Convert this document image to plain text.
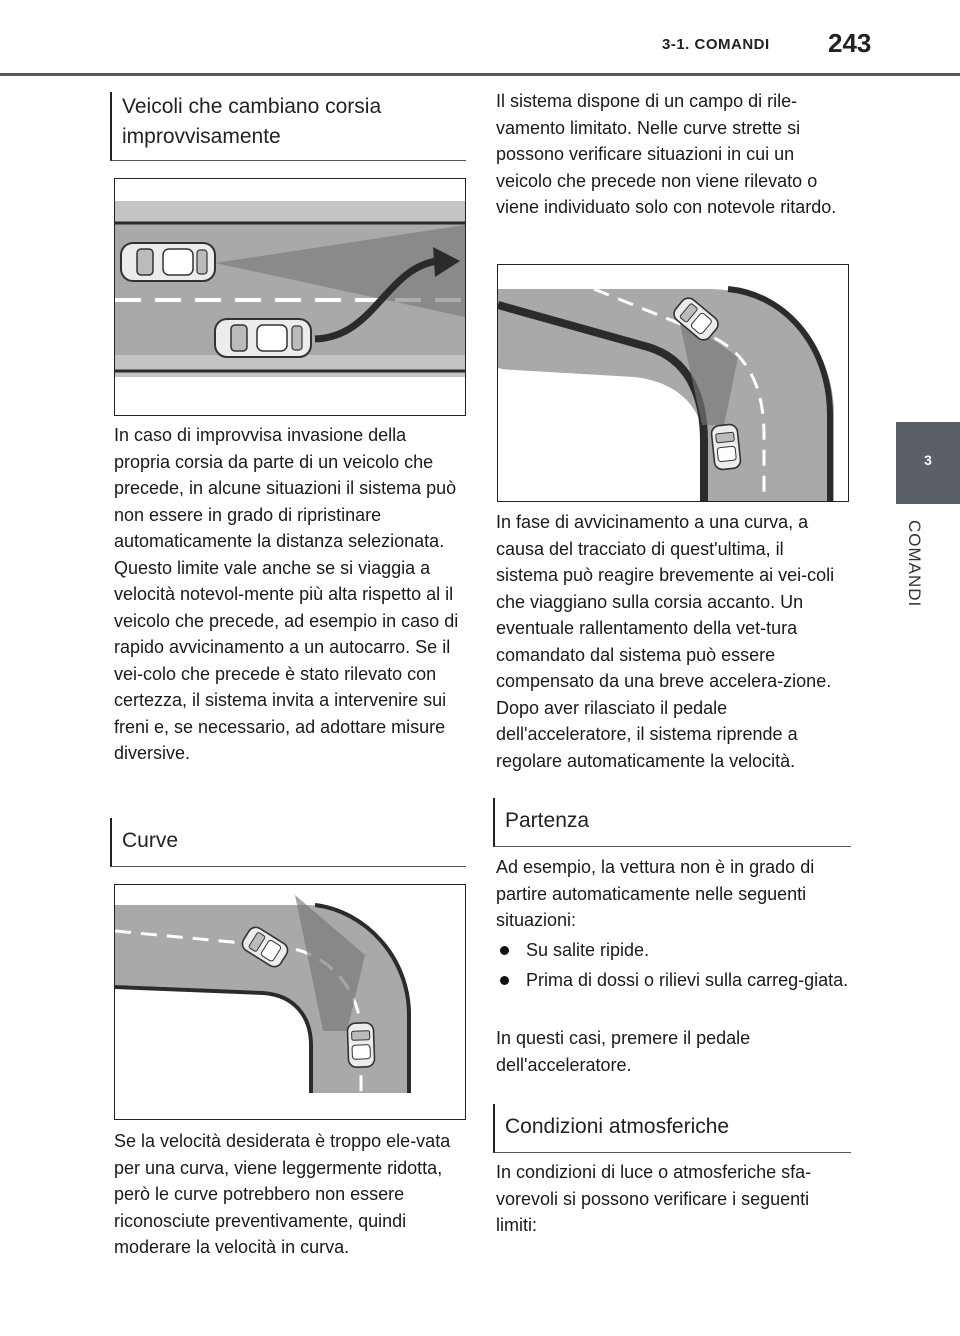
3-1. COMANDI 243
3
COMANDI
Veicoli che cambiano corsia improvvisamente

In caso di improvvisa invasione della propria corsia da parte di un veicolo che precede, in alcune situazioni il sistema può non essere in grado di ripristinare automaticamente la distanza selezionata. Questo limite vale anche se si viaggia a velocità notevol-mente più alta rispetto al il veicolo che precede, ad esempio in caso di rapido avvicinamento a un autocarro. Se il vei-colo che precede è stato rilevato con certezza, il sistema invita a intervenire sui freni e, se necessario, ad adottare misure diversive.

Curve

Se la velocità desiderata è troppo ele-vata per una curva, viene leggermente ridotta, però le curve potrebbero non essere riconosciute preventivamente, quindi moderare la velocità in curva.

Il sistema dispone di un campo di rile-vamento limitato. Nelle curve strette si possono verificare situazioni in cui un veicolo che precede non viene rilevato o viene individuato solo con notevole ritardo.

In fase di avvicinamento a una curva, a causa del tracciato di quest'ultima, il sistema può reagire brevemente ai vei-coli che viaggiano sulla corsia accanto. Un eventuale rallentamento della vet-tura comandato dal sistema può essere compensato da una breve accelera-zione. Dopo aver rilasciato il pedale dell'acceleratore, il sistema riprende a regolare automaticamente la velocità.

Partenza

Ad esempio, la vettura non è in grado di partire automaticamente nelle seguenti situazioni:

Su salite ripide.
Prima di dossi o rilievi sulla carreg-giata.

In questi casi, premere il pedale dell'acceleratore.

Condizioni atmosferiche

In condizioni di luce o atmosferiche sfa-vorevoli si possono verificare i seguenti limiti:
